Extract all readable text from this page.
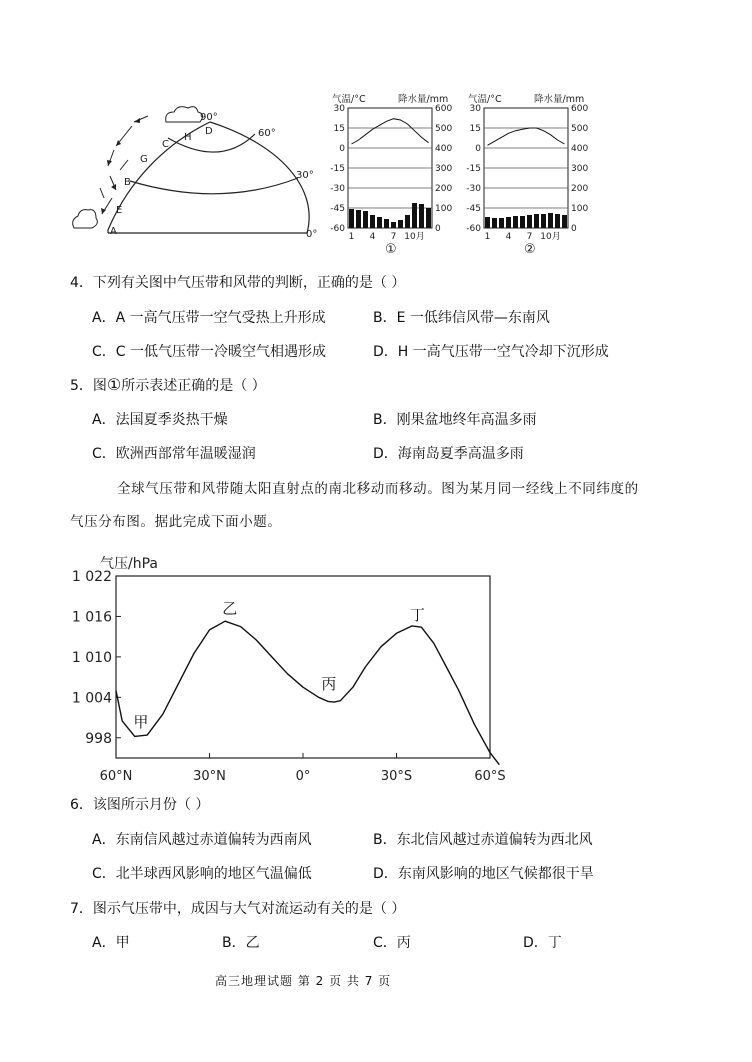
90°
60°
30°
0°
A
B
C
D
E
G
H
气温/°C	降水量/mm
①
30
15
0
-15
-30
-45
-60
600
500
400
300
200
100
0
1 4 7 10月
气温/°C	降水量/mm
②
30
15
0
-15
-30
-45
-60
600
500
400
300
200
100
0
1 4 7 10月
4．下列有关图中气压带和风带的判断，正确的是（ ）
A．A 一高气压带一空气受热上升形成	B．E 一低纬信风带—东南风
C．C 一低气压带一冷暖空气相遇形成	D．H 一高气压带一空气冷却下沉形成
5．图①所示表述正确的是（ ）
A．法国夏季炎热干燥	B．刚果盆地终年高温多雨
C．欧洲西部常年温暖湿润	D．海南岛夏季高温多雨
全球气压带和风带随太阳直射点的南北移动而移动。图为某月同一经线上不同纬度的
气压分布图。据此完成下面小题。
气压/hPa
1 022
1 016
1 010
1 004
998
60°N	30°N	0°	30°S	60°S
甲
乙
丙
丁
6．该图所示月份（ ）
A．东南信风越过赤道偏转为西南风	B．东北信风越过赤道偏转为西北风
C．北半球西风影响的地区气温偏低	D．东南风影响的地区气候都很干旱
7．图示气压带中，成因与大气对流运动有关的是（ ）
A．甲	B．乙	C．丙	D．丁
高三地理试题 第 2 页 共 7 页
